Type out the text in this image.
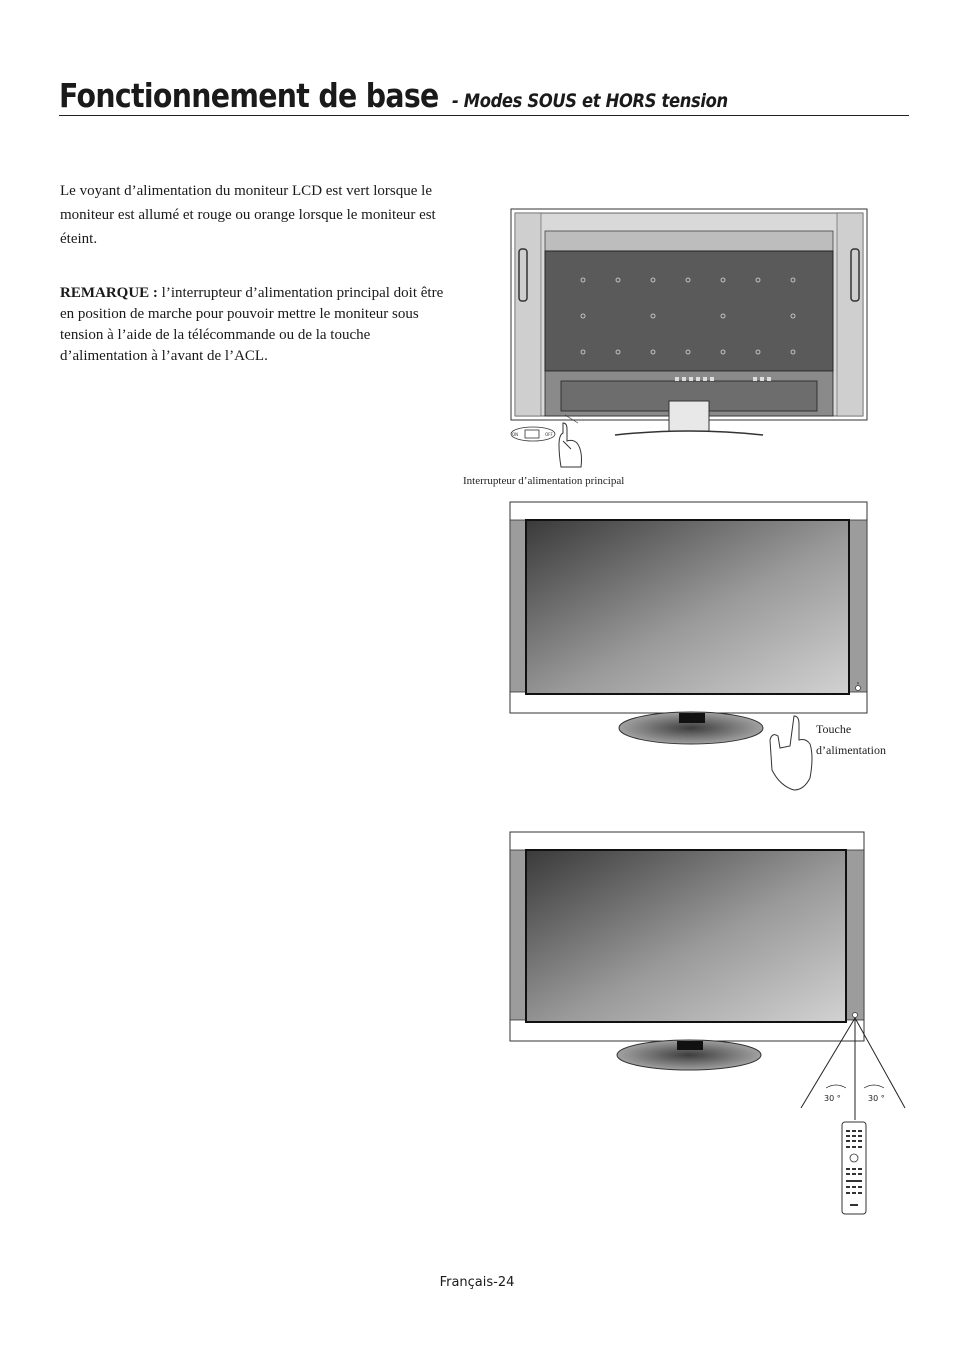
Fonctionnement de base - Modes SOUS et HORS tension

Le voyant d’alimentation du moniteur LCD est vert lorsque le moniteur est allumé et rouge ou orange lorsque le moniteur est éteint.

REMARQUE : l’interrupteur d’alimentation principal doit être en position de marche pour pouvoir mettre le moniteur sous tension à l’aide de la télécommande ou de la touche d’alimentation à l’avant de l’ACL.

ON	OFF
Interrupteur d’alimentation principal
Touche
d’alimentation
30 °	30 °
Français-24
